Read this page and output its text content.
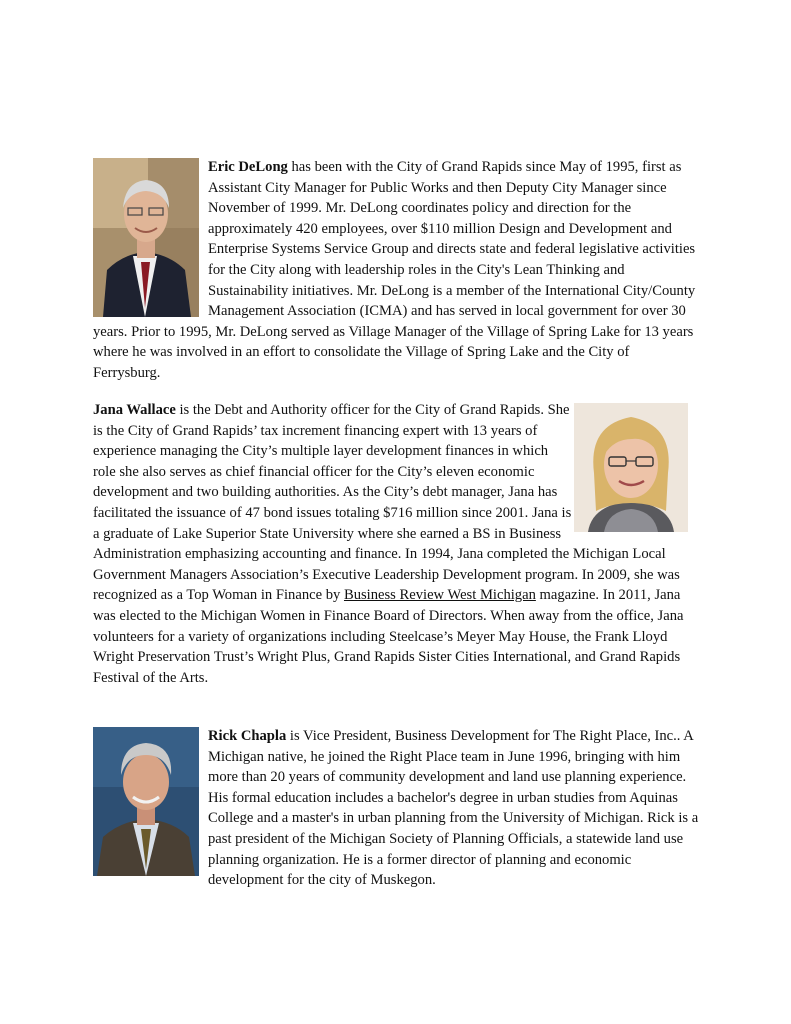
Eric DeLong has been with the City of Grand Rapids since May of 1995, first as Assistant City Manager for Public Works and then Deputy City Manager since November of 1999. Mr. DeLong coordinates policy and direction for the approximately 420 employees, over $110 million Design and Development and Enterprise Systems Service Group and directs state and federal legislative activities for the City along with leadership roles in the City's Lean Thinking and Sustainability initiatives. Mr. DeLong is a member of the International City/County Management Association (ICMA) and has served in local government for over 30 years. Prior to 1995, Mr. DeLong served as Village Manager of the Village of Spring Lake for 13 years where he was involved in an effort to consolidate the Village of Spring Lake and the City of Ferrysburg.

Jana Wallace is the Debt and Authority officer for the City of Grand Rapids. She is the City of Grand Rapids’ tax increment financing expert with 13 years of experience managing the City’s multiple layer development finances in which role she also serves as chief financial officer for the City’s eleven economic development and two building authorities. As the City’s debt manager, Jana has facilitated the issuance of 47 bond issues totaling $716 million since 2001. Jana is a graduate of Lake Superior State University where she earned a BS in Business Administration emphasizing accounting and finance. In 1994, Jana completed the Michigan Local Government Managers Association’s Executive Leadership Development program. In 2009, she was recognized as a Top Woman in Finance by Business Review West Michigan magazine. In 2011, Jana was elected to the Michigan Women in Finance Board of Directors. When away from the office, Jana volunteers for a variety of organizations including Steelcase’s Meyer May House, the Frank Lloyd Wright Preservation Trust’s Wright Plus, Grand Rapids Sister Cities International, and Grand Rapids Festival of the Arts.

Rick Chapla is Vice President, Business Development for The Right Place, Inc.. A Michigan native, he joined the Right Place team in June 1996, bringing with him more than 20 years of community development and land use planning experience. His formal education includes a bachelor's degree in urban studies from Aquinas College and a master's in urban planning from the University of Michigan. Rick is a past president of the Michigan Society of Planning Officials, a statewide land use planning organization. He is a former director of planning and economic development for the city of Muskegon.
